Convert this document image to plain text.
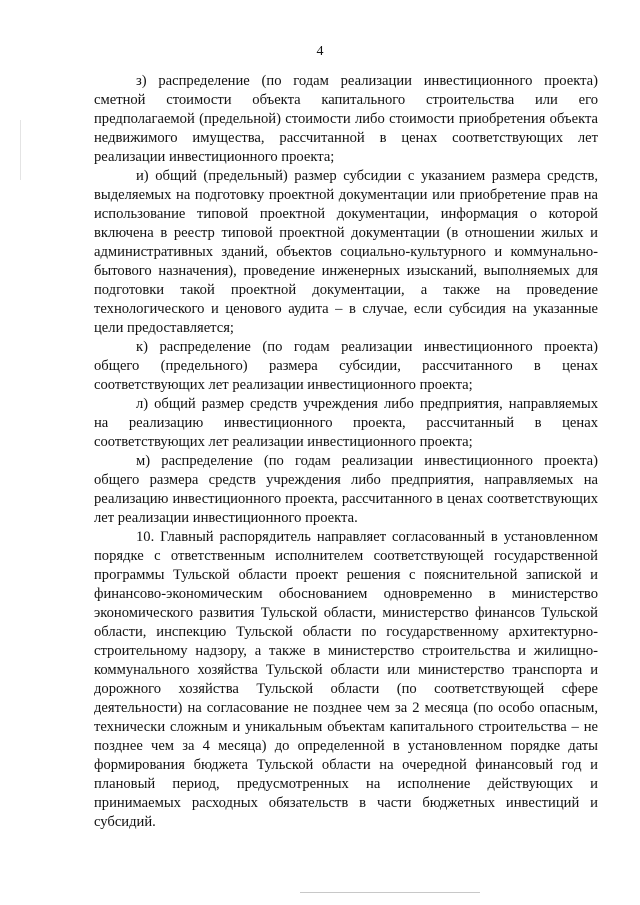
4

з) распределение (по годам реализации инвестиционного проекта) сметной стоимости объекта капитального строительства или его предполагаемой (предельной) стоимости либо стоимости приобретения объекта недвижимого имущества, рассчитанной в ценах соответствующих лет реализации инвестиционного проекта;

и) общий (предельный) размер субсидии с указанием размера средств, выделяемых на подготовку проектной документации или приобретение прав на использование типовой проектной документации, информация о которой включена в реестр типовой проектной документации (в отношении жилых и административных зданий, объектов социально-культурного и коммунально-бытового назначения), проведение инженерных изысканий, выполняемых для подготовки такой проектной документации, а также на проведение технологического и ценового аудита – в случае, если субсидия на указанные цели предоставляется;

к) распределение (по годам реализации инвестиционного проекта) общего (предельного) размера субсидии, рассчитанного в ценах соответствующих лет реализации инвестиционного проекта;

л) общий размер средств учреждения либо предприятия, направляемых на реализацию инвестиционного проекта, рассчитанный в ценах соответствующих лет реализации инвестиционного проекта;

м) распределение (по годам реализации инвестиционного проекта) общего размера средств учреждения либо предприятия, направляемых на реализацию инвестиционного проекта, рассчитанного в ценах соответствующих лет реализации инвестиционного проекта.

10. Главный распорядитель направляет согласованный в установленном порядке с ответственным исполнителем соответствующей государственной программы Тульской области проект решения с пояснительной запиской и финансово-экономическим обоснованием одновременно в министерство экономического развития Тульской области, министерство финансов Тульской области, инспекцию Тульской области по государственному архитектурно-строительному надзору, а также в министерство строительства и жилищно-коммунального хозяйства Тульской области или министерство транспорта и дорожного хозяйства Тульской области (по соответствующей сфере деятельности) на согласование не позднее чем за 2 месяца (по особо опасным, технически сложным и уникальным объектам капитального строительства – не позднее чем за 4 месяца) до определенной в установленном порядке даты формирования бюджета Тульской области на очередной финансовый год и плановый период, предусмотренных на исполнение действующих и принимаемых расходных обязательств в части бюджетных инвестиций и субсидий.
